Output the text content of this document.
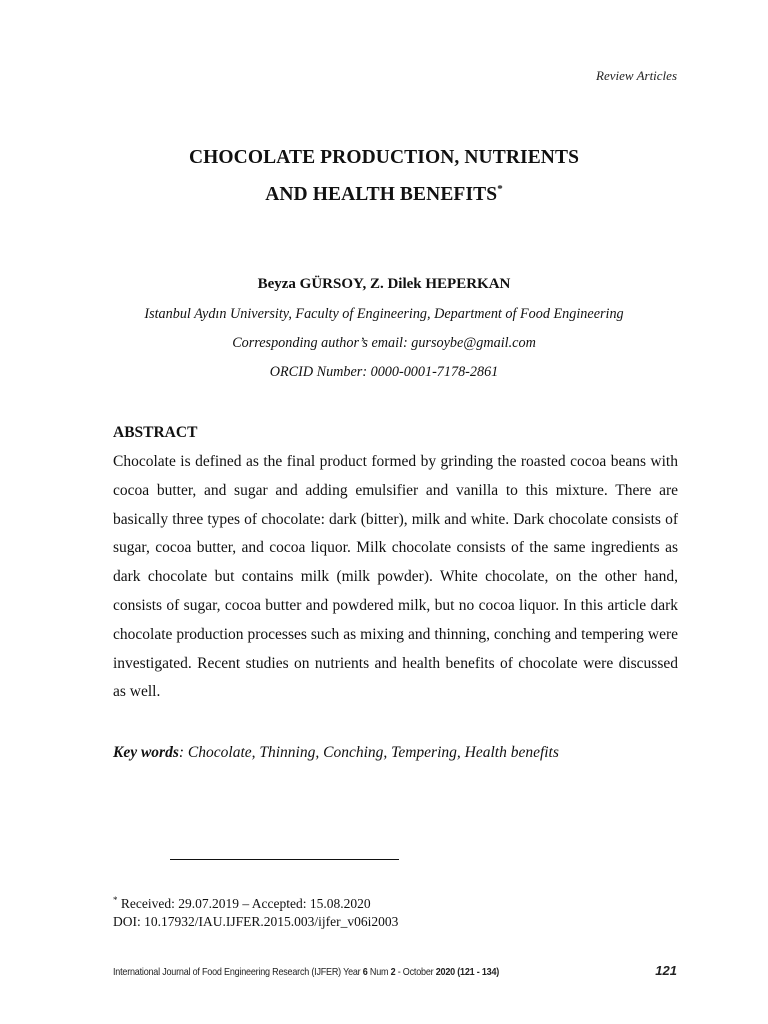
Review Articles
CHOCOLATE PRODUCTION, NUTRIENTS
AND HEALTH BENEFITS*
Beyza GÜRSOY, Z. Dilek HEPERKAN
Istanbul Aydın University, Faculty of Engineering, Department of Food Engineering
Corresponding author’s email: gursoybe@gmail.com
ORCID Number: 0000-0001-7178-2861
ABSTRACT
Chocolate is defined as the final product formed by grinding the roasted cocoa beans with cocoa butter, and sugar and adding emulsifier and vanilla to this mixture. There are basically three types of chocolate: dark (bitter), milk and white. Dark chocolate consists of sugar, cocoa butter, and cocoa liquor. Milk chocolate consists of the same ingredients as dark chocolate but contains milk (milk powder). White chocolate, on the other hand, consists of sugar, cocoa butter and powdered milk, but no cocoa liquor. In this article dark chocolate production processes such as mixing and thinning, conching and tempering were investigated. Recent studies on nutrients and health benefits of chocolate were discussed as well.
Key words: Chocolate, Thinning, Conching, Tempering, Health benefits
* Received: 29.07.2019 – Accepted: 15.08.2020
DOI: 10.17932/IAU.IJFER.2015.003/ijfer_v06i2003
International Journal of Food Engineering Research (IJFER) Year 6 Num 2 - October 2020 (121 - 134)	121
